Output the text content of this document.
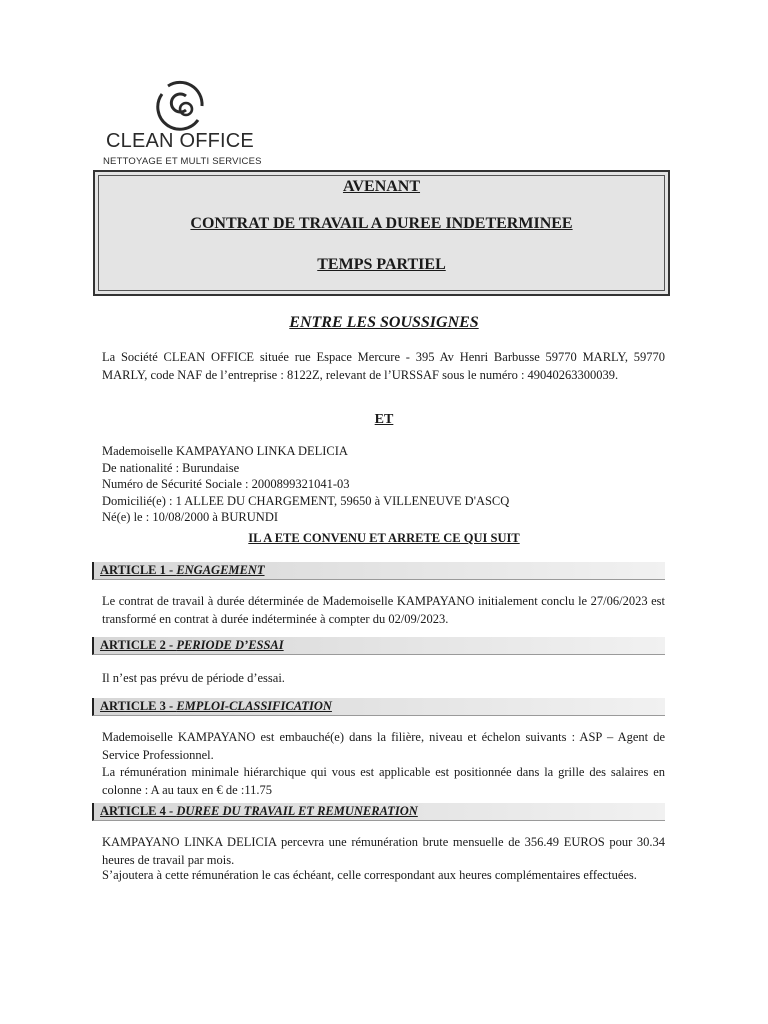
CLEAN OFFICE
NETTOYAGE ET MULTI SERVICES
AVENANT
CONTRAT DE TRAVAIL A DUREE INDETERMINEE
TEMPS PARTIEL
ENTRE LES SOUSSIGNES
La Société CLEAN OFFICE située rue Espace Mercure - 395 Av Henri Barbusse 59770 MARLY, 59770 MARLY, code NAF de l’entreprise : 8122Z, relevant de l’URSSAF sous le numéro : 49040263300039.
ET
Mademoiselle KAMPAYANO LINKA DELICIA
De nationalité : Burundaise
Numéro de Sécurité Sociale : 2000899321041-03
Domicilié(e) : 1 ALLEE DU CHARGEMENT, 59650 à VILLENEUVE D'ASCQ
Né(e) le : 10/08/2000 à BURUNDI
IL A ETE CONVENU ET ARRETE CE QUI SUIT
ARTICLE 1 - ENGAGEMENT
Le contrat de travail à durée déterminée de Mademoiselle KAMPAYANO initialement conclu le 27/06/2023 est transformé en contrat à durée indéterminée à compter du 02/09/2023.
ARTICLE 2 - PERIODE D’ESSAI
Il n’est pas prévu de période d’essai.
ARTICLE 3 - EMPLOI-CLASSIFICATION
Mademoiselle KAMPAYANO est embauché(e) dans la filière, niveau et échelon suivants : ASP – Agent de Service Professionnel.
La rémunération minimale hiérarchique qui vous est applicable est positionnée dans la grille des salaires en colonne : A au taux en € de :11.75
ARTICLE 4 - DUREE DU TRAVAIL ET REMUNERATION
KAMPAYANO LINKA DELICIA percevra une rémunération brute mensuelle de 356.49 EUROS pour 30.34 heures de travail par mois.
S’ajoutera à cette rémunération le cas échéant, celle correspondant aux heures complémentaires effectuées.
